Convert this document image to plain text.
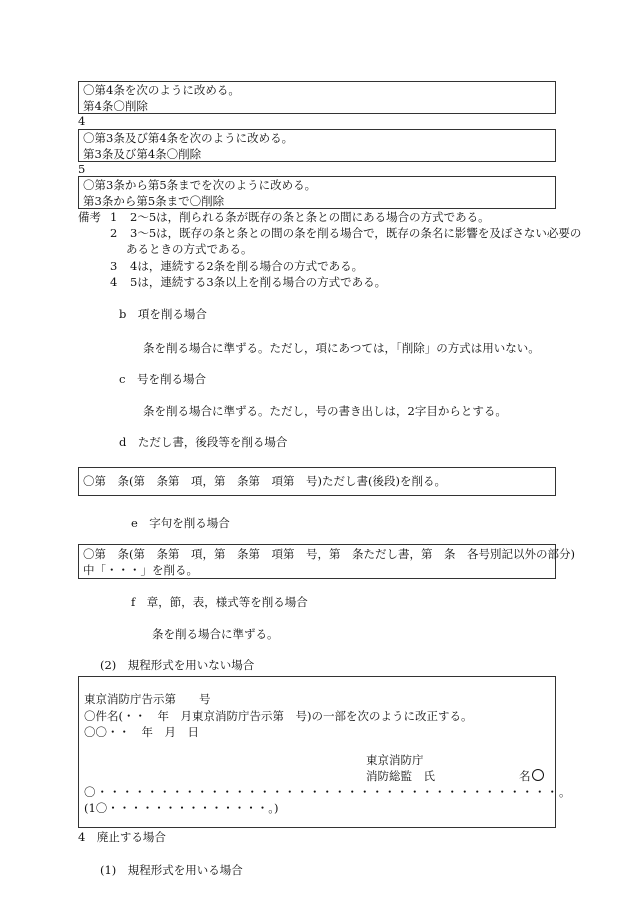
〇第4条を次のように改める。
第4条〇削除
4
〇第3条及び第4条を次のように改める。
第3条及び第4条〇削除
5
〇第3条から第5条までを次のように改める。
第3条から第5条まで〇削除
備考 1 2～5は，削られる条が既存の条と条との間にある場合の方式である。
2 3～5は，既存の条と条との間の条を削る場合で，既存の条名に影響を及ぼさない必要の
あるときの方式である。
3 4は，連続する2条を削る場合の方式である。
4 5は，連続する3条以上を削る場合の方式である。
b　項を削る場合
条を削る場合に準ずる。ただし，項にあつては，「削除」の方式は用いない。
c　号を削る場合
条を削る場合に準ずる。ただし，号の書き出しは，2字目からとする。
d　ただし書，後段等を削る場合
〇第　条(第　条第　項，第　条第　項第　号)ただし書(後段)を削る。
e　字句を削る場合
〇第　条(第　条第　項，第　条第　項第　号，第　条ただし書，第　条　各号別記以外の部分)
中「・・・」を削る。
f　章，節，表，様式等を削る場合
条を削る場合に準ずる。
(2)　規程形式を用いない場合
東京消防庁告示第　　号
〇件名(・・　年　月東京消防庁告示第　号)の一部を次のように改正する。
〇〇・・　年　月　日
東京消防庁
消防総監　氏	名
〇・・・・・・・・・・・・・・・・・・・・・・・・・・・・・・・・・・・・・。
(1〇・・・・・・・・・・・・・・。)
4　廃止する場合
(1)　規程形式を用いる場合
